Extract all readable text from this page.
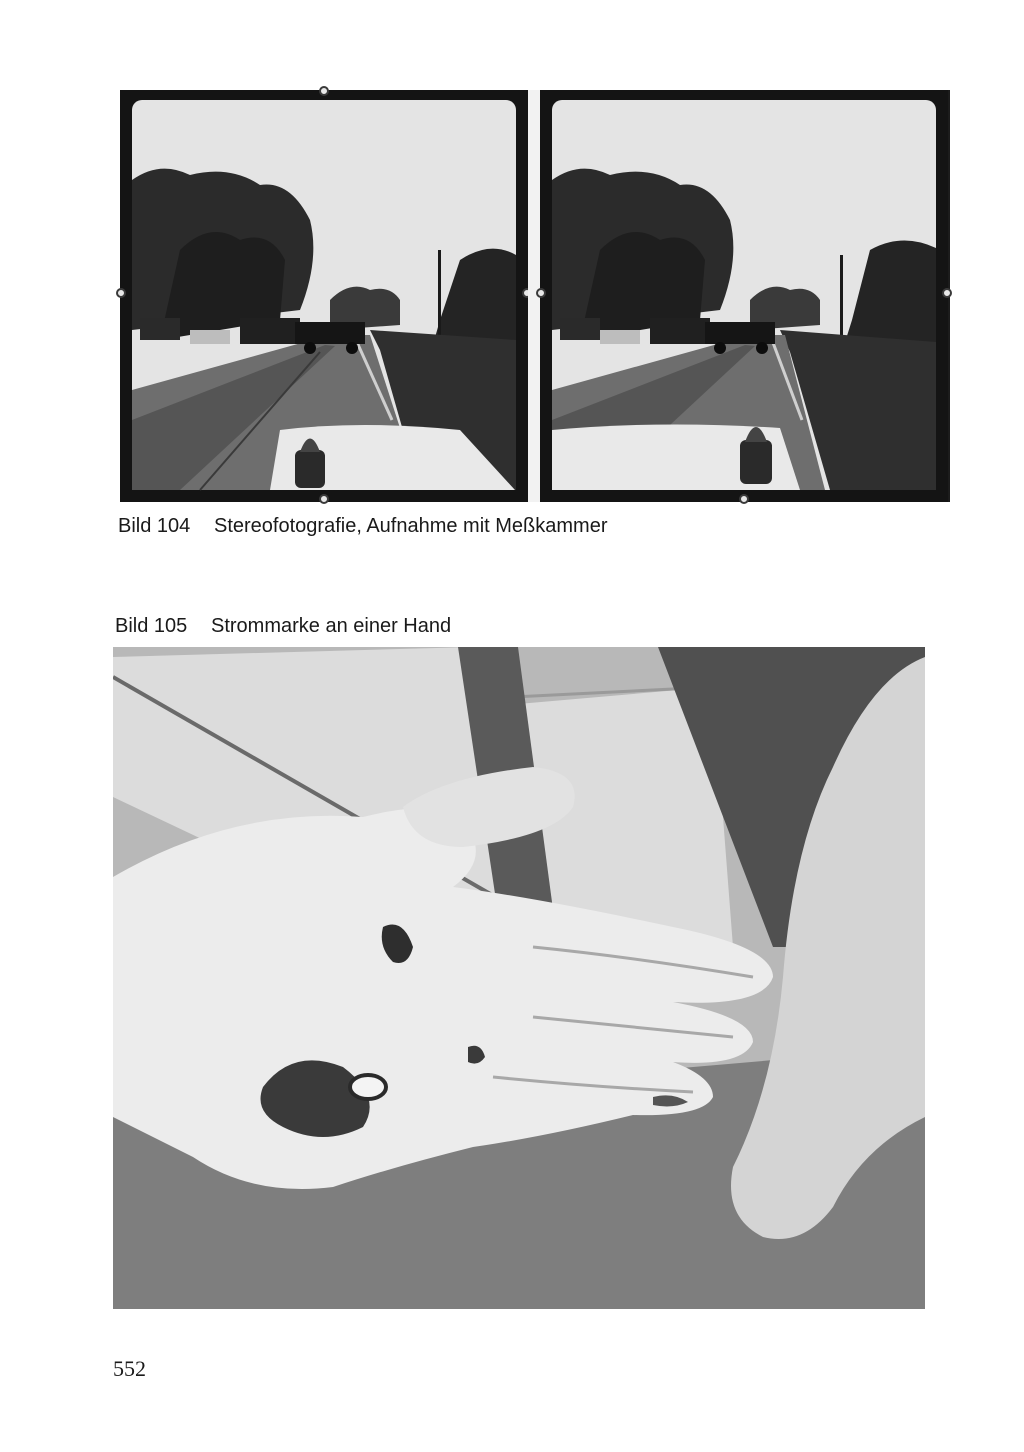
Bild 104 Stereofotografie, Aufnahme mit Meßkammer
Bild 105 Strommarke an einer Hand
552
